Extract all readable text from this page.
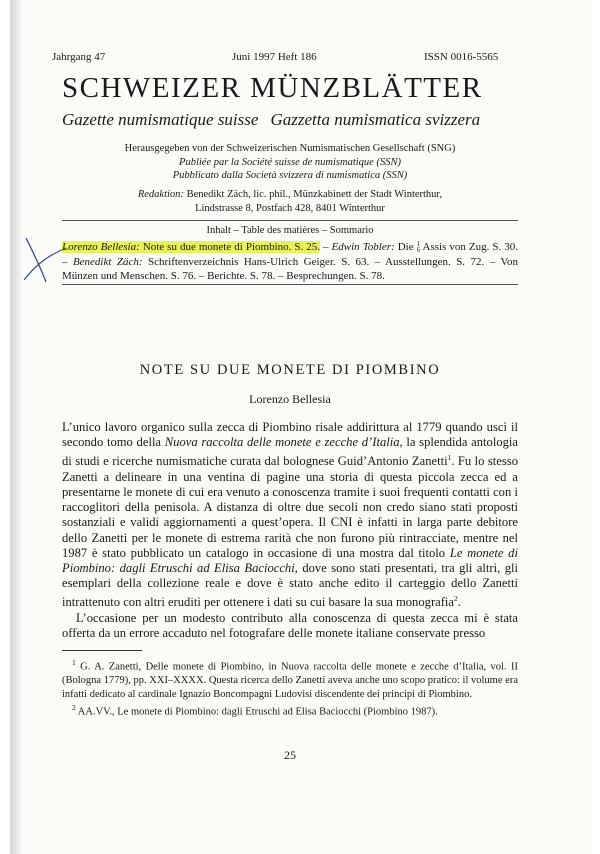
Jahrgang 47	Juni 1997 Heft 186	ISSN 0016-5565
SCHWEIZER MÜNZBLÄTTER
Gazette numismatique suisse Gazzetta numismatica svizzera
Herausgegeben von der Schweizerischen Numismatischen Gesellschaft (SNG)
Publiée par la Société suisse de numismatique (SSN)
Pubblicato dalla Società svizzera di numismatica (SSN)
Redaktion: Benedikt Zäch, lic. phil., Münzkabinett der Stadt Winterthur,
Lindstrasse 8, Postfach 428, 8401 Winterthur
Inhalt – Table des matières – Sommario
Lorenzo Bellesia: Note su due monete di Piombino. S. 25. – Edwin Tobler: Die 1
6 Assis von Zug. S. 30. – Benedikt Zäch: Schriftenverzeichnis Hans-Ulrich Geiger. S. 63. – Ausstellungen. S. 72. – Von Münzen und Menschen. S. 76. – Berichte. S. 78. – Besprechungen. S. 78.
NOTE SU DUE MONETE DI PIOMBINO
Lorenzo Bellesia

L’unico lavoro organico sulla zecca di Piombino risale addirittura al 1779 quando uscì il secondo tomo della Nuova raccolta delle monete e zecche d’Italia, la splendida antologia di studi e ricerche numismatiche curata dal bolognese Guid’Antonio Zanetti$^1$. Fu lo stesso Zanetti a delineare in una ventina di pagine una storia di questa piccola zecca ed a presentarne le monete di cui era venuto a conoscenza tramite i suoi frequenti contatti con i raccoglitori della penisola. A distanza di oltre due secoli non credo siano stati proposti sostanziali e validi aggiornamenti a quest’opera. Il CNI è infatti in larga parte debitore dello Zanetti per le monete di estrema rarità che non furono più rintracciate, mentre nel 1987 è stato pubblicato un catalogo in occasione di una mostra dal titolo Le monete di Piombino: dagli Etruschi ad Elisa Baciocchi, dove sono stati presentati, tra gli altri, gli esemplari della collezione reale e dove è stato anche edito il carteggio dello Zanetti intrattenuto con altri eruditi per ottenere i dati su cui basare la sua monografia$^2$.

L’occasione per un modesto contributo alla conoscenza di questa zecca mi è stata offerta da un errore accaduto nel fotografare delle monete italiane conservate presso

$^1$ G. A. Zanetti, Delle monete di Piombino, in Nuova raccolta delle monete e zecche d’Italia, vol. II (Bologna 1779), pp. XXI–XXXX. Questa ricerca dello Zanetti aveva anche uno scopo pratico: il volume era infatti dedicato al cardinale Ignazio Boncompagni Ludovisi discendente dei principi di Piombino.

$^2$ AA.VV., Le monete di Piombino: dagli Etruschi ad Elisa Baciocchi (Piombino 1987).

25
